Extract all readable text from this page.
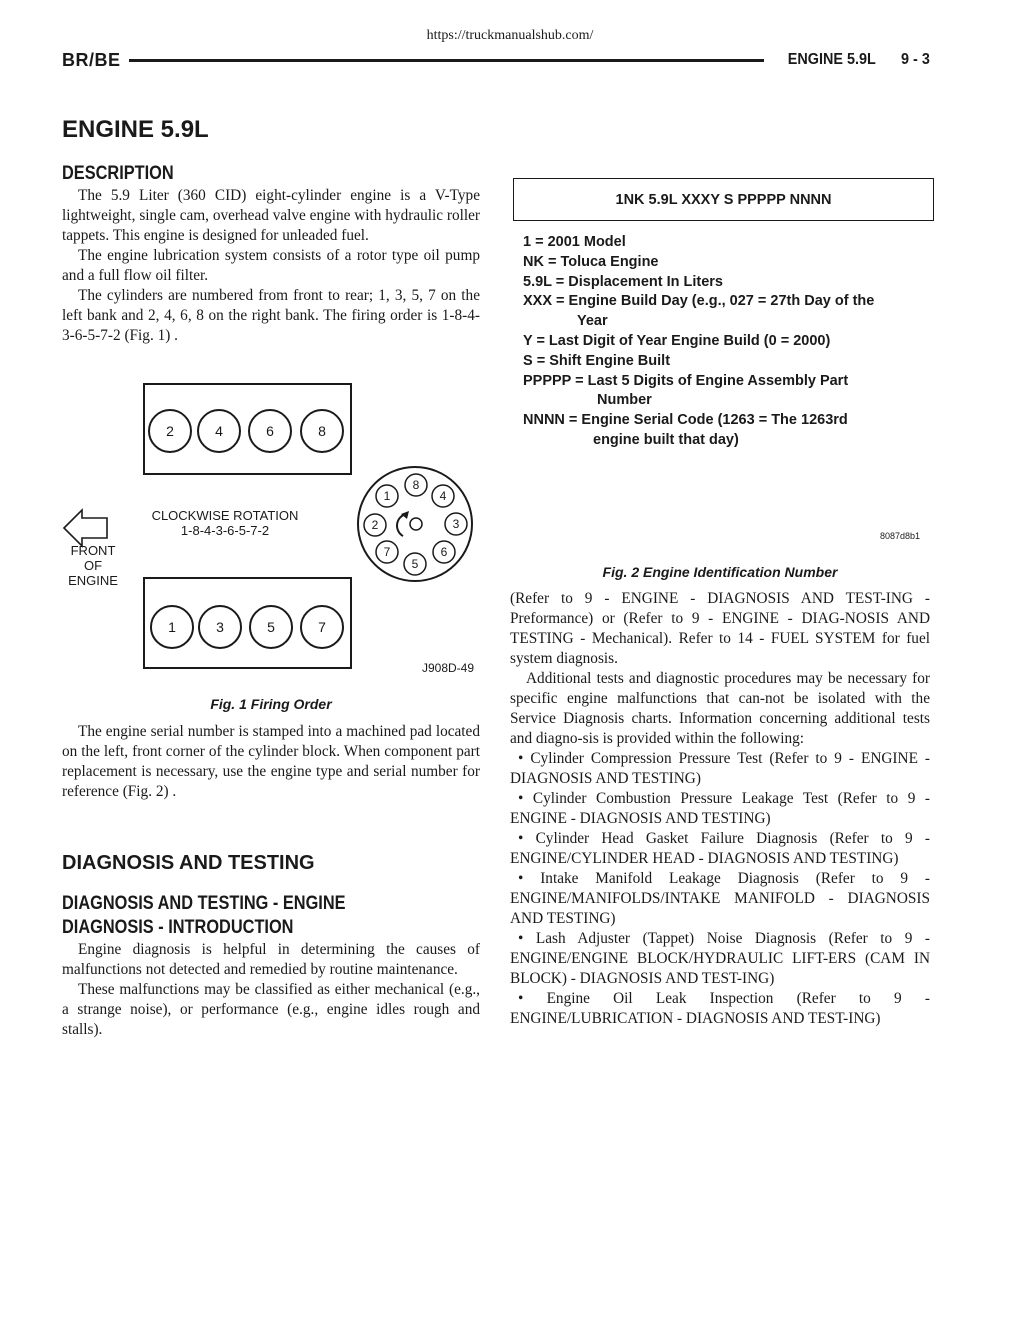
https://truckmanualshub.com/
BR/BE	ENGINE 5.9L 9 - 3
ENGINE 5.9L
DESCRIPTION

The 5.9 Liter (360 CID) eight-cylinder engine is a V-Type lightweight, single cam, overhead valve engine with hydraulic roller tappets. This engine is designed for unleaded fuel.

The engine lubrication system consists of a rotor type oil pump and a full flow oil filter.

The cylinders are numbered from front to rear; 1, 3, 5, 7 on the left bank and 2, 4, 6, 8 on the right bank. The firing order is 1-8-4-3-6-5-7-2 (Fig. 1) .

2	4	6	8
1	3	5	7
8
4
3
6
5
7
2
1
CLOCKWISE ROTATION
1-8-4-3-6-5-7-2
FRONT
OF
ENGINE
J908D-49
Fig. 1 Firing Order

The engine serial number is stamped into a machined pad located on the left, front corner of the cylinder block. When component part replacement is necessary, use the engine type and serial number for reference (Fig. 2) .

DIAGNOSIS AND TESTING
DIAGNOSIS AND TESTING - ENGINE
DIAGNOSIS - INTRODUCTION

Engine diagnosis is helpful in determining the causes of malfunctions not detected and remedied by routine maintenance.

These malfunctions may be classified as either mechanical (e.g., a strange noise), or performance (e.g., engine idles rough and stalls).

1NK 5.9L XXXY S PPPPP NNNN
1 = 2001 Model
NK = Toluca Engine
5.9L = Displacement In Liters
XXX = Engine Build Day (e.g., 027 = 27th Day of the
Year
Y = Last Digit of Year Engine Build (0 = 2000)
S = Shift Engine Built
PPPPP = Last 5 Digits of Engine Assembly Part
Number
NNNN = Engine Serial Code (1263 = The 1263rd
engine built that day)
8087d8b1
Fig. 2 Engine Identification Number

(Refer to 9 - ENGINE - DIAGNOSIS AND TEST-ING - Preformance) or (Refer to 9 - ENGINE - DIAG-NOSIS AND TESTING - Mechanical). Refer to 14 - FUEL SYSTEM for fuel system diagnosis.

Additional tests and diagnostic procedures may be necessary for specific engine malfunctions that can-not be isolated with the Service Diagnosis charts. Information concerning additional tests and diagno-sis is provided within the following:

• Cylinder Compression Pressure Test (Refer to 9 - ENGINE - DIAGNOSIS AND TESTING)

• Cylinder Combustion Pressure Leakage Test (Refer to 9 - ENGINE - DIAGNOSIS AND TESTING)

• Cylinder Head Gasket Failure Diagnosis (Refer to 9 - ENGINE/CYLINDER HEAD - DIAGNOSIS AND TESTING)

• Intake Manifold Leakage Diagnosis (Refer to 9 - ENGINE/MANIFOLDS/INTAKE MANIFOLD - DIAGNOSIS AND TESTING)

• Lash Adjuster (Tappet) Noise Diagnosis (Refer to 9 - ENGINE/ENGINE BLOCK/HYDRAULIC LIFT-ERS (CAM IN BLOCK) - DIAGNOSIS AND TEST-ING)

• Engine Oil Leak Inspection (Refer to 9 - ENGINE/LUBRICATION - DIAGNOSIS AND TEST-ING)
